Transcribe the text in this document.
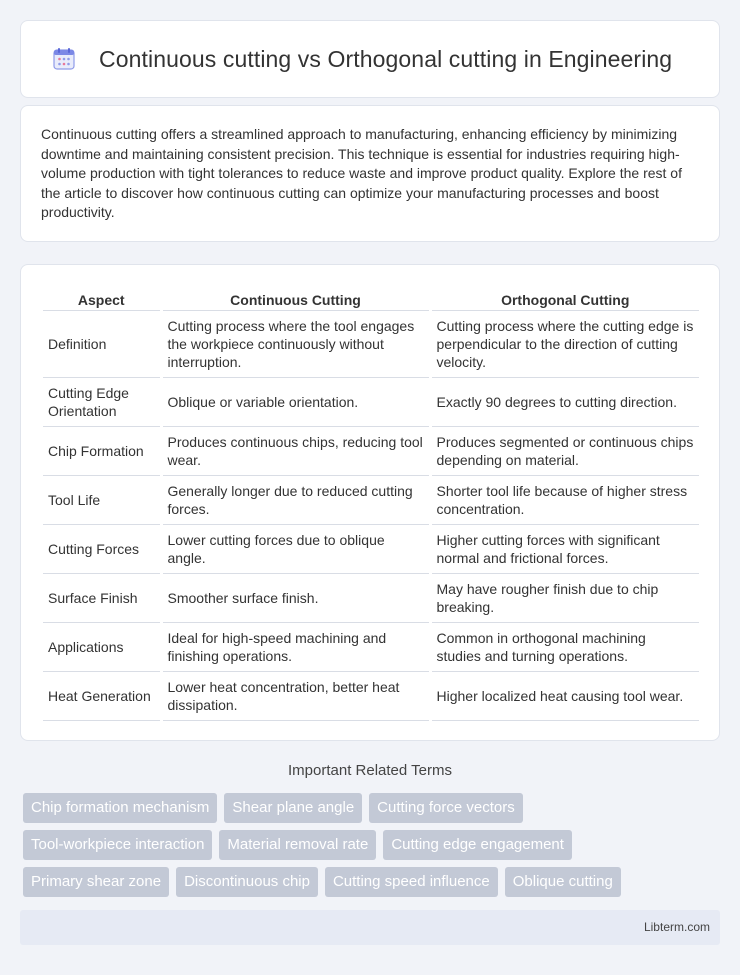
Continuous cutting vs Orthogonal cutting in Engineering

Continuous cutting offers a streamlined approach to manufacturing, enhancing efficiency by minimizing downtime and maintaining consistent precision. This technique is essential for industries requiring high-volume production with tight tolerances to reduce waste and improve product quality. Explore the rest of the article to discover how continuous cutting can optimize your manufacturing processes and boost productivity.

Aspect	Continuous Cutting	Orthogonal Cutting
Definition	Cutting process where the tool engages the workpiece continuously without interruption.	Cutting process where the cutting edge is perpendicular to the direction of cutting velocity.
Cutting Edge Orientation	Oblique or variable orientation.	Exactly 90 degrees to cutting direction.
Chip Formation	Produces continuous chips, reducing tool wear.	Produces segmented or continuous chips depending on material.
Tool Life	Generally longer due to reduced cutting forces.	Shorter tool life because of higher stress concentration.
Cutting Forces	Lower cutting forces due to oblique angle.	Higher cutting forces with significant normal and frictional forces.
Surface Finish	Smoother surface finish.	May have rougher finish due to chip breaking.
Applications	Ideal for high-speed machining and finishing operations.	Common in orthogonal machining studies and turning operations.
Heat Generation	Lower heat concentration, better heat dissipation.	Higher localized heat causing tool wear.
Important Related Terms
Chip formation mechanism	Shear plane angle	Cutting force vectors
Tool-workpiece interaction	Material removal rate	Cutting edge engagement
Primary shear zone	Discontinuous chip	Cutting speed influence	Oblique cutting
Libterm.com
